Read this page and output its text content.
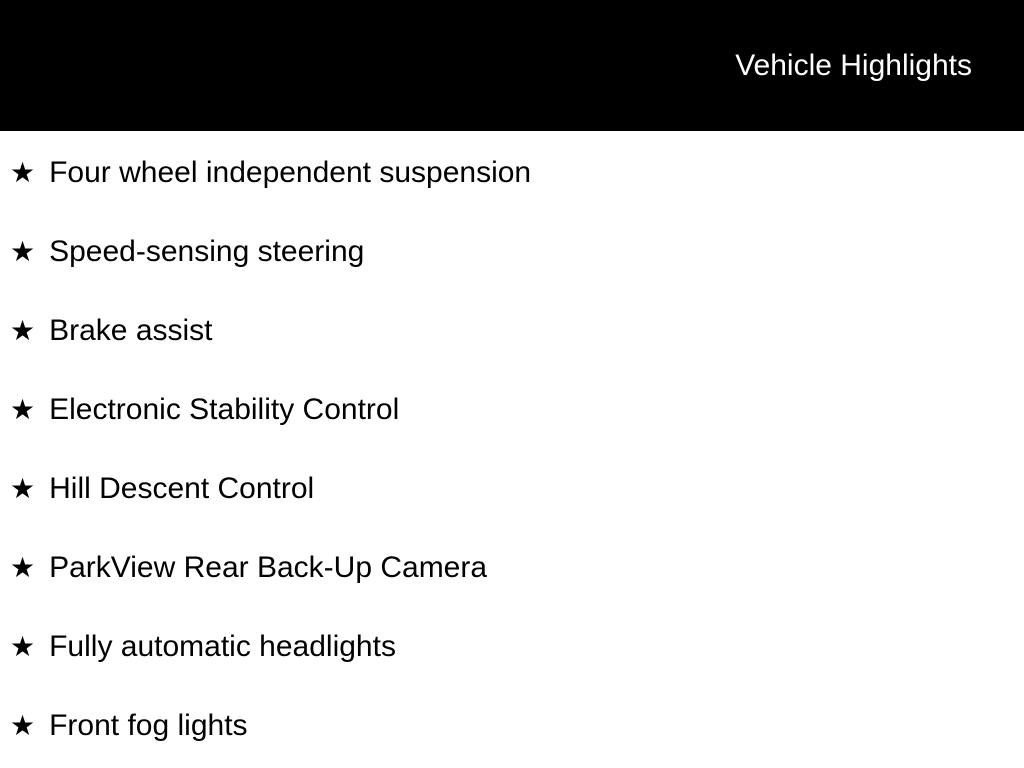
Vehicle Highlights
★ Four wheel independent suspension
★ Speed-sensing steering
★ Brake assist
★ Electronic Stability Control
★ Hill Descent Control
★ ParkView Rear Back-Up Camera
★ Fully automatic headlights
★ Front fog lights
